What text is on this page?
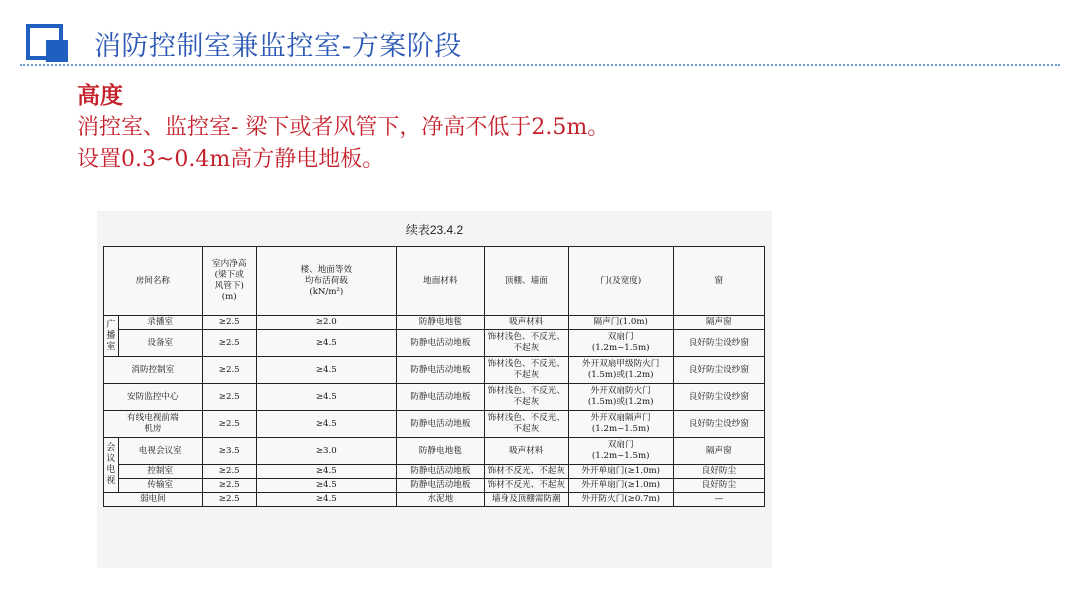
消防控制室兼监控室-方案阶段
高度
消控室、监控室- 梁下或者风管下，净高不低于2.5m。
设置0.3~0.4m高方静电地板。
续表23.4.2
房间名称		室内净高
(梁下或
风管下)
(m)	楼、地面等效
均布活荷载
(kN/m²)	地面材料	顶棚、墙面	门(及宽度)	窗

广
播
室	录播室	≥2.5	≥2.0	防静电地毯	吸声材料	隔声门(1.0m)	隔声窗
	设备室	≥2.5	≥4.5	防静电活动地板	饰材浅色、不反光、
不起灰	双扇门
(1.2m~1.5m)	良好防尘设纱窗
消防控制室		≥2.5	≥4.5	防静电活动地板	饰材浅色、不反光、
不起灰	外开双扇甲级防火门
(1.5m)或(1.2m)	良好防尘设纱窗
安防监控中心		≥2.5	≥4.5	防静电活动地板	饰材浅色、不反光、
不起灰	外开双扇防火门
(1.5m)或(1.2m)	良好防尘设纱窗

有线电视前端
机房		≥2.5	≥4.5	防静电活动地板	饰材浅色、不反光、
不起灰	外开双扇隔声门
(1.2m~1.5m)	良好防尘设纱窗

会
议
电
视	电视会议室	≥3.5	≥3.0	防静电地毯	吸声材料	双扇门
(1.2m~1.5m)	隔声窗
	控制室	≥2.5	≥4.5	防静电活动地板	饰材不反光、不起灰	外开单扇门(≥1.0m)	良好防尘
	传输室	≥2.5	≥4.5	防静电活动地板	饰材不反光、不起灰	外开单扇门(≥1.0m)	良好防尘
弱电间		≥2.5	≥4.5	水泥地	墙身及顶棚需防潮	外开防火门(≥0.7m)	—
